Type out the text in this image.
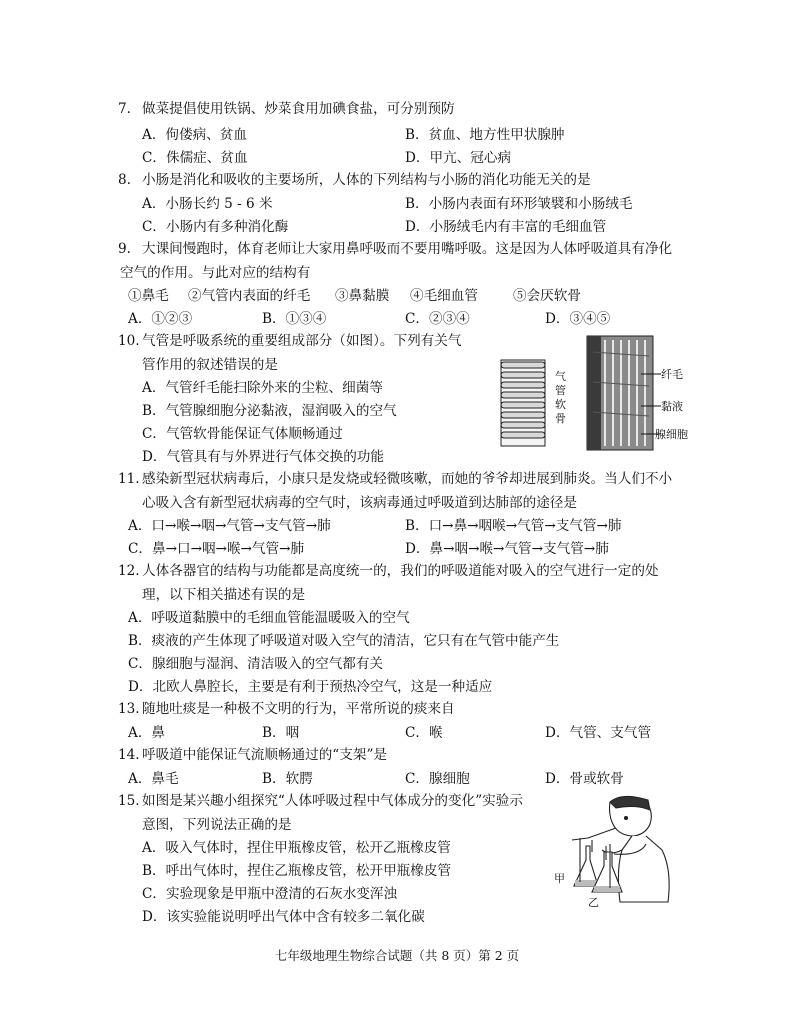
7. 做菜提倡使用铁锅、炒菜食用加碘食盐，可分别预防
A．佝偻病、贫血	B．贫血、地方性甲状腺肿
C．侏儒症、贫血	D．甲亢、冠心病
8. 小肠是消化和吸收的主要场所，人体的下列结构与小肠的消化功能无关的是
A．小肠长约 5 - 6 米	B．小肠内表面有环形皱襞和小肠绒毛
C．小肠内有多种消化酶	D．小肠绒毛内有丰富的毛细血管
9. 大课间慢跑时，体育老师让大家用鼻呼吸而不要用嘴呼吸。这是因为人体呼吸道具有净化
空气的作用。与此对应的结构有
①鼻毛 ②气管内表面的纤毛 ③鼻黏膜 ④毛细血管	⑤会厌软骨
A．①②③	B．①③④	C．②③④	D．③④⑤
10. 气管是呼吸系统的重要组成部分（如图）。下列有关气
管作用的叙述错误的是
A．气管纤毛能扫除外来的尘粒、细菌等
B．气管腺细胞分泌黏液，湿润吸入的空气
C．气管软骨能保证气体顺畅通过
D．气管具有与外界进行气体交换的功能
气
管
软
骨
纤毛
黏液
腺细胞
11. 感染新型冠状病毒后，小康只是发烧或轻微咳嗽，而她的爷爷却进展到肺炎。当人们不小
心吸入含有新型冠状病毒的空气时，该病毒通过呼吸道到达肺部的途径是
A．口→喉→咽→气管→支气管→肺	B．口→鼻→咽喉→气管→支气管→肺
C．鼻→口→咽→喉→气管→肺	D．鼻→咽→喉→气管→支气管→肺
12. 人体各器官的结构与功能都是高度统一的，我们的呼吸道能对吸入的空气进行一定的处
理，以下相关描述有误的是
A．呼吸道黏膜中的毛细血管能温暖吸入的空气
B．痰液的产生体现了呼吸道对吸入空气的清洁，它只有在气管中能产生
C．腺细胞与湿润、清洁吸入的空气都有关
D．北欧人鼻腔长，主要是有利于预热冷空气，这是一种适应
13. 随地吐痰是一种极不文明的行为，平常所说的痰来自
A．鼻	B．咽	C．喉	D．气管、支气管
14. 呼吸道中能保证气流顺畅通过的“支架”是
A．鼻毛	B．软腭	C．腺细胞	D．骨或软骨
15. 如图是某兴趣小组探究“人体呼吸过程中气体成分的变化”实验示
意图，下列说法正确的是
A．吸入气体时，捏住甲瓶橡皮管，松开乙瓶橡皮管
B．呼出气体时，捏住乙瓶橡皮管，松开甲瓶橡皮管
C．实验现象是甲瓶中澄清的石灰水变浑浊
D．该实验能说明呼出气体中含有较多二氧化碳
甲
乙
七年级地理生物综合试题（共 8 页）第 2 页
